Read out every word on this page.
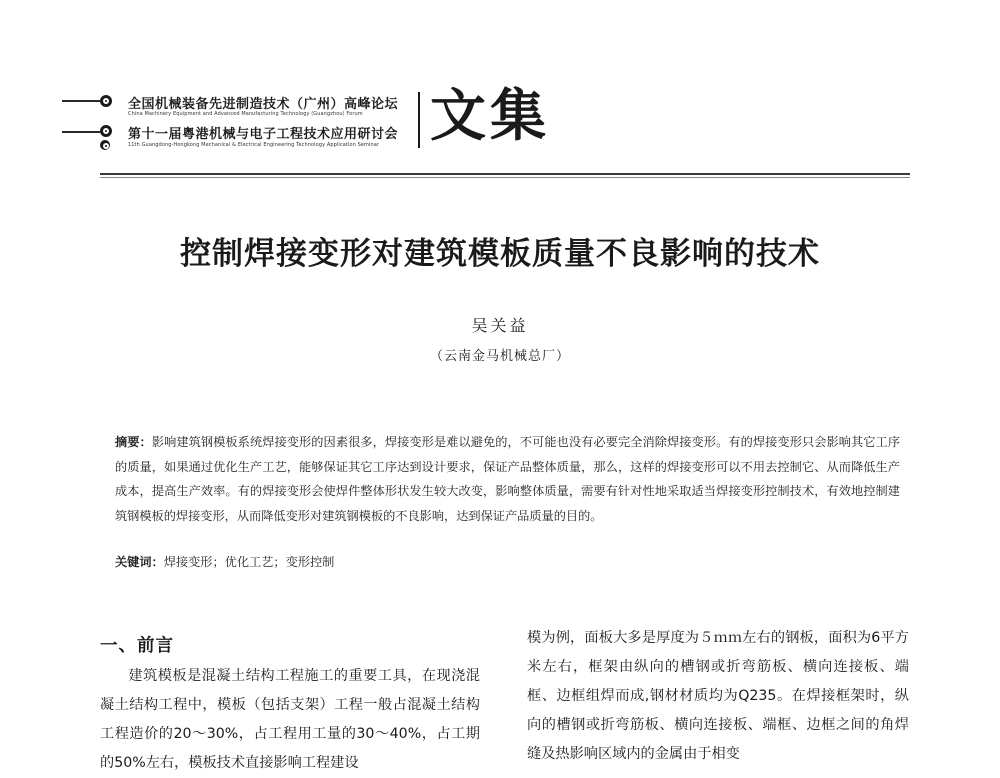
全国机械装备先进制造技术（广州）高峰论坛
China Machinery Equipment and Advanced Manufacturing Technology (Guangzhou) Forum
第十一届粤港机械与电子工程技术应用研讨会
11th Guangdong-Hongkong Mechanical & Electrical Engineering Technology Application Seminar 文集
控制焊接变形对建筑模板质量不良影响的技术
吴关益
（云南金马机械总厂）
摘要：影响建筑钢模板系统焊接变形的因素很多，焊接变形是难以避免的，不可能也没有必要完全消除焊接变形。有的焊接变形只会影响其它工序的质量，如果通过优化生产工艺，能够保证其它工序达到设计要求，保证产品整体质量，那么，这样的焊接变形可以不用去控制它、从而降低生产成本，提高生产效率。有的焊接变形会使焊件整体形状发生较大改变，影响整体质量，需要有针对性地采取适当焊接变形控制技术，有效地控制建筑钢模板的焊接变形，从而降低变形对建筑钢模板的不良影响，达到保证产品质量的目的。
关键词：焊接变形；优化工艺；变形控制
一、前言
建筑模板是混凝土结构工程施工的重要工具，在现浇混凝土结构工程中，模板（包括支架）工程一般占混凝土结构工程造价的20～30%，占工程用工量的30～40%，占工期的50%左右，模板技术直接影响工程建设
模为例，面板大多是厚度为５ｍｍ左右的钢板，面积为6平方米左右，框架由纵向的槽钢或折弯筋板、横向连接板、端框、边框组焊而成,钢材材质均为Q235。在焊接框架时，纵向的槽钢或折弯筋板、横向连接板、端框、边框之间的角焊缝及热影响区域内的金属由于相变
